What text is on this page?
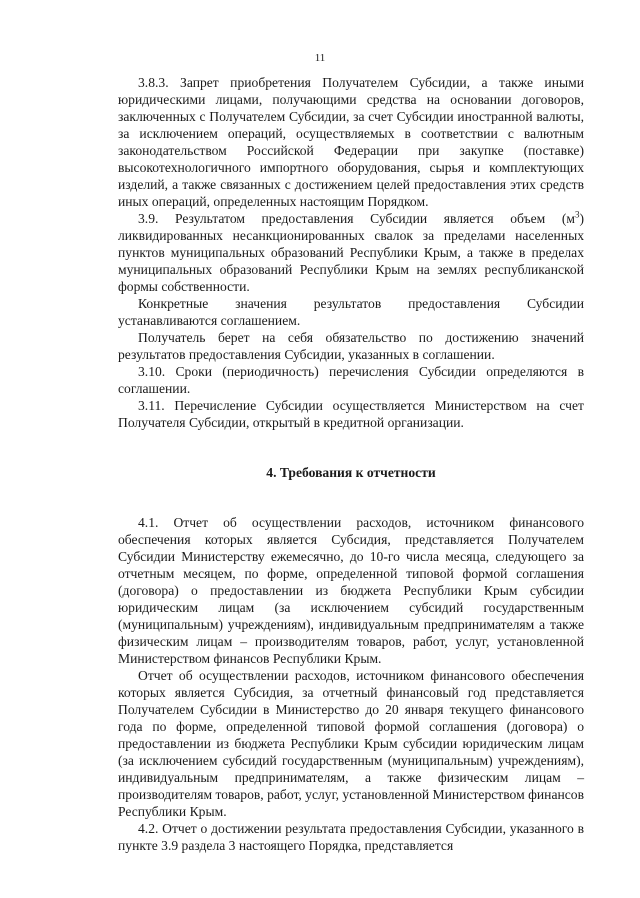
11

3.8.3. Запрет приобретения Получателем Субсидии, а также иными юридическими лицами, получающими средства на основании договоров, заключенных с Получателем Субсидии, за счет Субсидии иностранной валюты, за исключением операций, осуществляемых в соответствии с валютным законодательством Российской Федерации при закупке (поставке) высокотехнологичного импортного оборудования, сырья и комплектующих изделий, а также связанных с достижением целей предоставления этих средств иных операций, определенных настоящим Порядком.

3.9. Результатом предоставления Субсидии является объем $(м^3)$ ликвидированных несанкционированных свалок за пределами населенных пунктов муниципальных образований Республики Крым, а также в пределах муниципальных образований Республики Крым на землях республиканской формы собственности.

Конкретные значения результатов предоставления Субсидии устанавливаются соглашением.

Получатель берет на себя обязательство по достижению значений результатов предоставления Субсидии, указанных в соглашении.

3.10. Сроки (периодичность) перечисления Субсидии определяются в соглашении.

3.11. Перечисление Субсидии осуществляется Министерством на счет Получателя Субсидии, открытый в кредитной организации.

4. Требования к отчетности

4.1. Отчет об осуществлении расходов, источником финансового обеспечения которых является Субсидия, представляется Получателем Субсидии Министерству ежемесячно, до 10-го числа месяца, следующего за отчетным месяцем, по форме, определенной типовой формой соглашения (договора) о предоставлении из бюджета Республики Крым субсидии юридическим лицам (за исключением субсидий государственным (муниципальным) учреждениям), индивидуальным предпринимателям а также физическим лицам – производителям товаров, работ, услуг, установленной Министерством финансов Республики Крым.

Отчет об осуществлении расходов, источником финансового обеспечения которых является Субсидия, за отчетный финансовый год представляется Получателем Субсидии в Министерство до 20 января текущего финансового года по форме, определенной типовой формой соглашения (договора) о предоставлении из бюджета Республики Крым субсидии юридическим лицам (за исключением субсидий государственным (муниципальным) учреждениям), индивидуальным предпринимателям, а также физическим лицам – производителям товаров, работ, услуг, установленной Министерством финансов Республики Крым.

4.2. Отчет о достижении результата предоставления Субсидии, указанного в пункте 3.9 раздела 3 настоящего Порядка, представляется
